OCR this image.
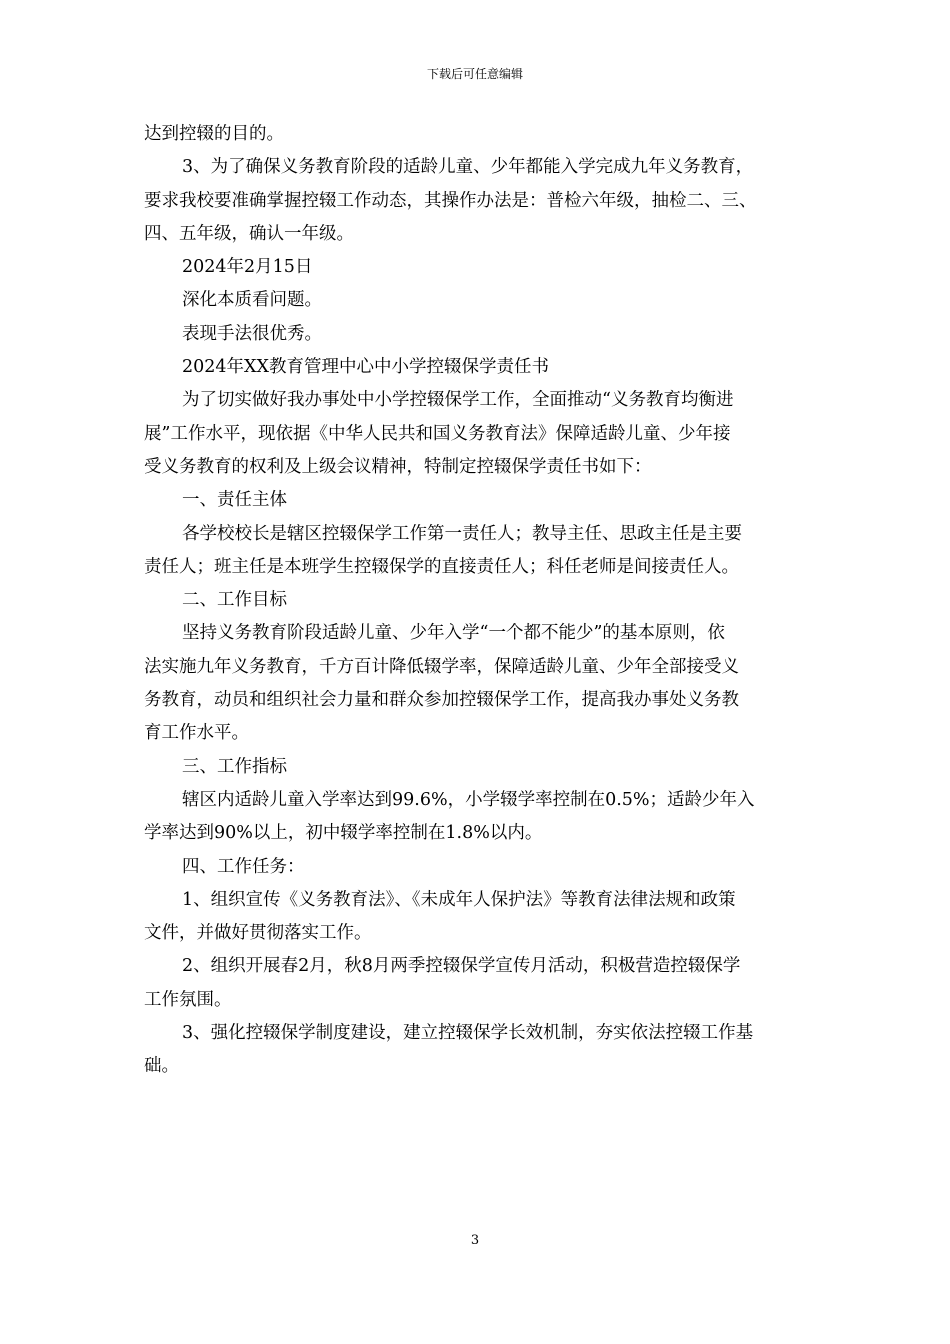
下载后可任意编辑

达到控辍的目的。

3、为了确保义务教育阶段的适龄儿童、少年都能入学完成九年义务教育，

要求我校要准确掌握控辍工作动态，其操作办法是：普检六年级，抽检二、三、

四、五年级，确认一年级。

2024年2月15日

深化本质看问题。

表现手法很优秀。

2024年XX教育管理中心中小学控辍保学责任书

为了切实做好我办事处中小学控辍保学工作，全面推动“义务教育均衡进

展”工作水平，现依据《中华人民共和国义务教育法》保障适龄儿童、少年接

受义务教育的权利及上级会议精神，特制定控辍保学责任书如下：

一、责任主体

各学校校长是辖区控辍保学工作第一责任人；教导主任、思政主任是主要

责任人；班主任是本班学生控辍保学的直接责任人；科任老师是间接责任人。

二、工作目标

坚持义务教育阶段适龄儿童、少年入学“一个都不能少”的基本原则，依

法实施九年义务教育，千方百计降低辍学率，保障适龄儿童、少年全部接受义

务教育，动员和组织社会力量和群众参加控辍保学工作，提高我办事处义务教

育工作水平。

三、工作指标

辖区内适龄儿童入学率达到99.6%，小学辍学率控制在0.5%；适龄少年入

学率达到90%以上，初中辍学率控制在1.8%以内。

四、工作任务：

1、组织宣传《义务教育法》、《未成年人保护法》等教育法律法规和政策

文件，并做好贯彻落实工作。

2、组织开展春2月，秋8月两季控辍保学宣传月活动，积极营造控辍保学

工作氛围。

3、强化控辍保学制度建设，建立控辍保学长效机制，夯实依法控辍工作基

础。

3
